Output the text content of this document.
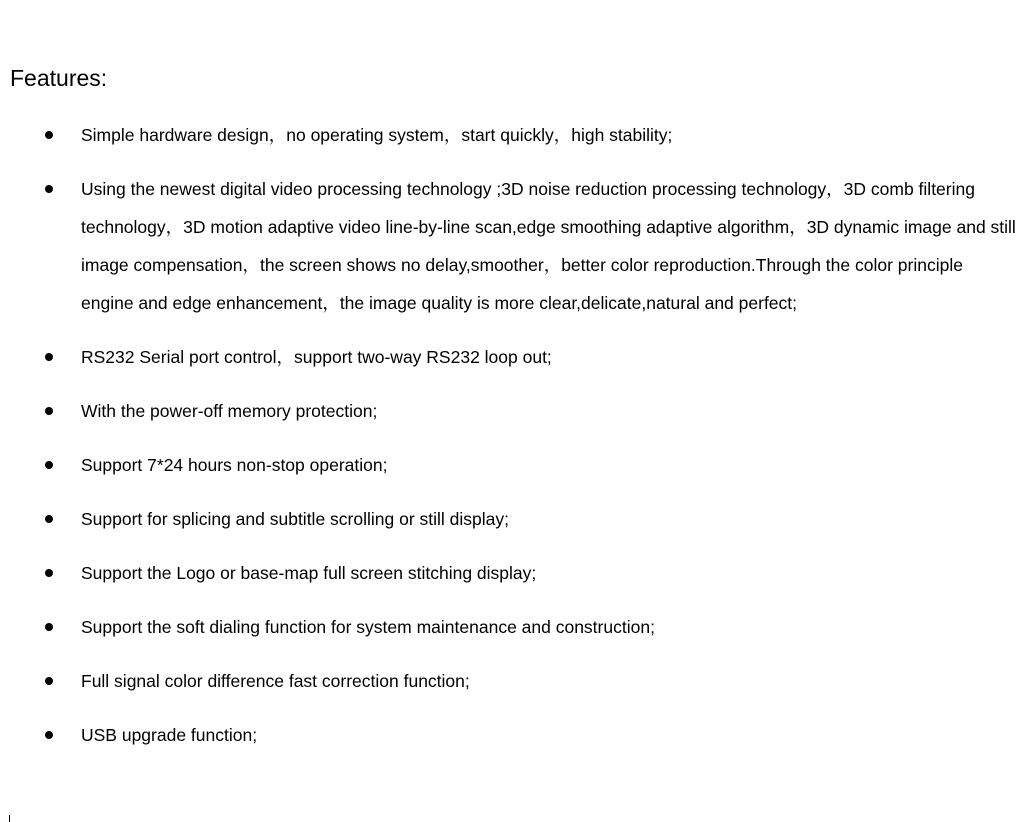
Features:
Simple hardware design，no operating system，start quickly，high stability;
Using the newest digital video processing technology ;3D noise reduction processing technology，3D comb filtering technology，3D motion adaptive video line-by-line scan,edge smoothing adaptive algorithm，3D dynamic image and still image compensation，the screen shows no delay,smoother，better color reproduction.Through the color principle engine and edge enhancement，the image quality is more clear,delicate,natural and perfect;
RS232 Serial port control，support two-way RS232 loop out;
With the power-off memory protection;
Support 7*24 hours non-stop operation;
Support for splicing and subtitle scrolling or still display;
Support the Logo or base-map full screen stitching display;
Support the soft dialing function for system maintenance and construction;
Full signal color difference fast correction function;
USB upgrade function;
